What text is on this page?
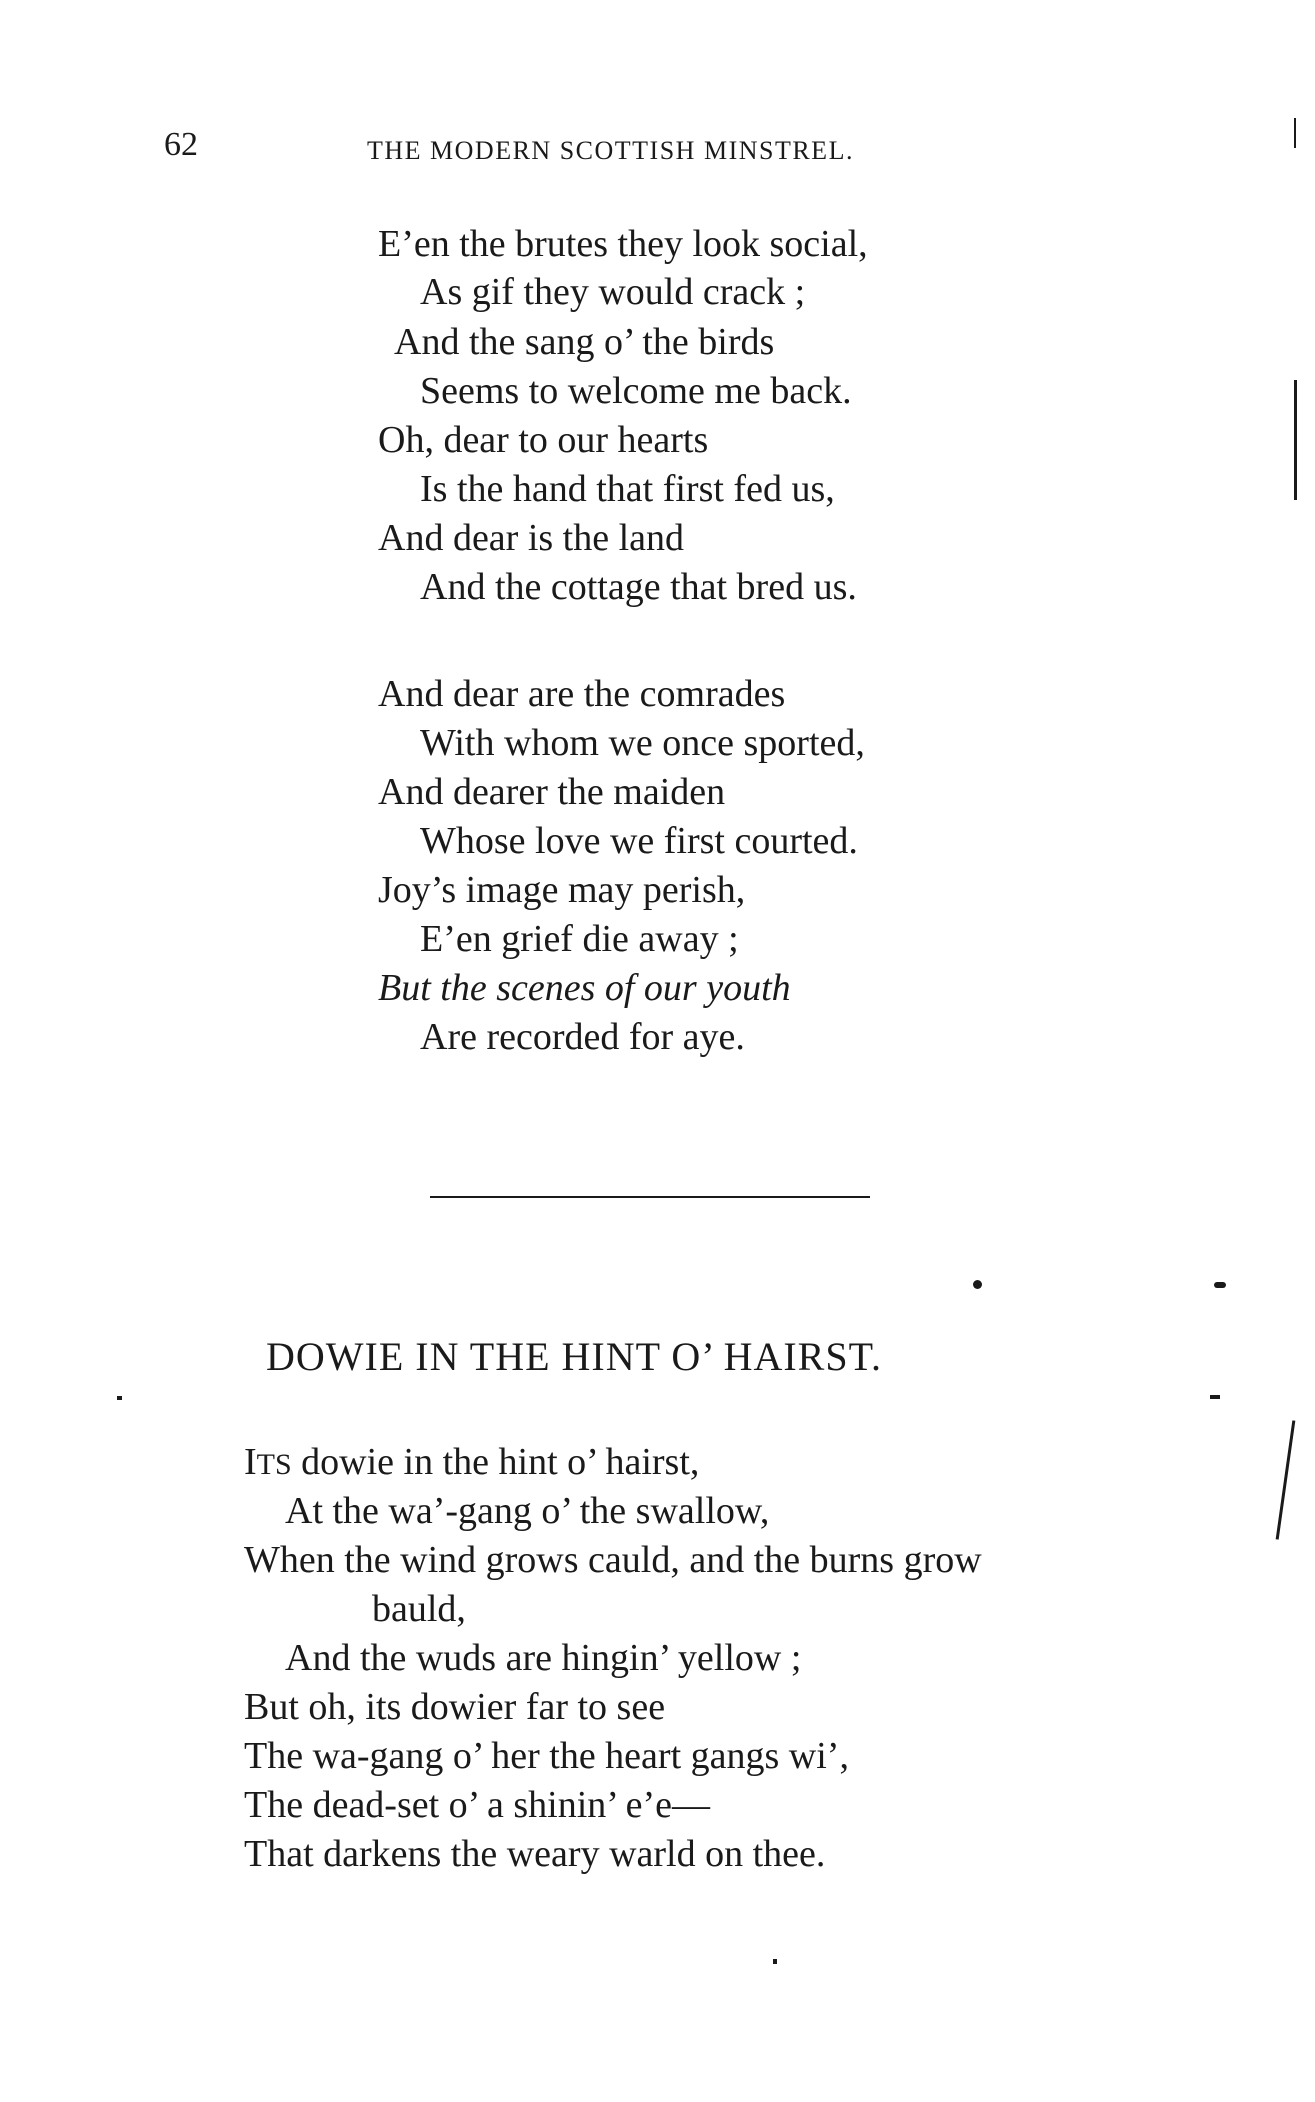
62	THE MODERN SCOTTISH MINSTREL.
E’en the brutes they look social,
As gif they would crack ;
And the sang o’ the birds
Seems to welcome me back.
Oh, dear to our hearts
Is the hand that first fed us,
And dear is the land
And the cottage that bred us.
And dear are the comrades
With whom we once sported,
And dearer the maiden
Whose love we first courted.
Joy’s image may perish,
E’en grief die away ;
But the scenes of our youth
Are recorded for aye.
DOWIE IN THE HINT O’ HAIRST.
ITS dowie in the hint o’ hairst,
At the wa’-gang o’ the swallow,
When the wind grows cauld, and the burns grow
bauld,
And the wuds are hingin’ yellow ;
But oh, its dowier far to see
The wa-gang o’ her the heart gangs wi’,
The dead-set o’ a shinin’ e’e—
That darkens the weary warld on thee.
